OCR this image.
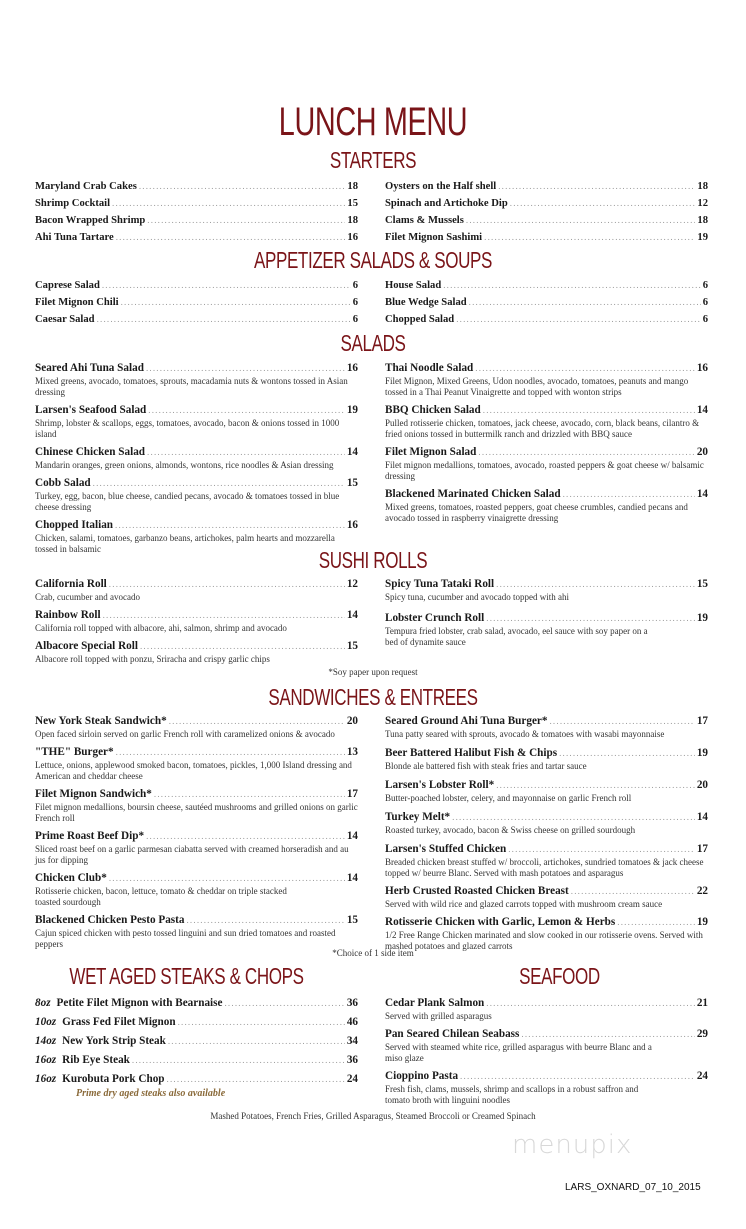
LUNCH MENU
STARTERS
Maryland Crab Cakes .....	18
Shrimp Cocktail .....	15
Bacon Wrapped Shrimp .....	18
Ahi Tuna Tartare .....	16
Oysters on the Half shell .....	18
Spinach and Artichoke Dip .....	12
Clams & Mussels .....	18
Filet Mignon Sashimi .....	19
APPETIZER SALADS & SOUPS
Caprese Salad .....	6
Filet Mignon Chili .....	6
Caesar Salad .....	6
House Salad .....	6
Blue Wedge Salad .....	6
Chopped Salad .....	6
SALADS
Seared Ahi Tuna Salad .....	16
Mixed greens, avocado, tomatoes, sprouts, macadamia nuts & wontons tossed in Asian dressing
Larsen's Seafood Salad .....	19
Shrimp, lobster & scallops, eggs, tomatoes, avocado, bacon & onions tossed in 1000 island
Chinese Chicken Salad .....	14
Mandarin oranges, green onions, almonds, wontons, rice noodles & Asian dressing
Cobb Salad .....	15
Turkey, egg, bacon, blue cheese, candied pecans, avocado & tomatoes tossed in blue cheese dressing
Chopped Italian .....	16
Chicken, salami, tomatoes, garbanzo beans, artichokes, palm hearts and mozzarella tossed in balsamic
Thai Noodle Salad .....	16
Filet Mignon, Mixed Greens, Udon noodles, avocado, tomatoes, peanuts and mango tossed in a Thai Peanut Vinaigrette and topped with wonton strips
BBQ Chicken Salad .....	14
Pulled rotisserie chicken, tomatoes, jack cheese, avocado, corn, black beans, cilantro & fried onions tossed in buttermilk ranch and drizzled with BBQ sauce
Filet Mignon Salad .....	20
Filet mignon medallions, tomatoes, avocado, roasted peppers & goat cheese w/ balsamic dressing
Blackened Marinated Chicken Salad .....	14
Mixed greens, tomatoes, roasted peppers, goat cheese crumbles, candied pecans and avocado tossed in raspberry vinaigrette dressing
SUSHI ROLLS
California Roll .....	12
Crab, cucumber and avocado
Rainbow Roll .....	14
California roll topped with albacore, ahi, salmon, shrimp and avocado
Albacore Special Roll .....	15
Albacore roll topped with ponzu, Sriracha and crispy garlic chips
Spicy Tuna Tataki Roll .....	15
Spicy tuna, cucumber and avocado topped with ahi
Lobster Crunch Roll .....	19
Tempura fried lobster, crab salad, avocado, eel sauce with soy paper on a bed of dynamite sauce
*Soy paper upon request
SANDWICHES & ENTREES
New York Steak Sandwich* .....	20
Open faced sirloin served on garlic French roll with caramelized onions & avocado
"THE" Burger* .....	13
Lettuce, onions, applewood smoked bacon, tomatoes, pickles, 1,000 Island dressing and American and cheddar cheese
Filet Mignon Sandwich* .....	17
Filet mignon medallions, boursin cheese, sautéed mushrooms and grilled onions on garlic French roll
Prime Roast Beef Dip* .....	14
Sliced roast beef on a garlic parmesan ciabatta served with creamed horseradish and au jus for dipping
Chicken Club* .....	14
Rotisserie chicken, bacon, lettuce, tomato & cheddar on triple stacked toasted sourdough
Blackened Chicken Pesto Pasta .....	15
Cajun spiced chicken with pesto tossed linguini and sun dried tomatoes and roasted peppers
Seared Ground Ahi Tuna Burger* .....	17
Tuna patty seared with sprouts, avocado & tomatoes with wasabi mayonnaise
Beer Battered Halibut Fish & Chips .....	19
Blonde ale battered fish with steak fries and tartar sauce
Larsen's Lobster Roll* .....	20
Butter-poached lobster, celery, and mayonnaise on garlic French roll
Turkey Melt* .....	14
Roasted turkey, avocado, bacon & Swiss cheese on grilled sourdough
Larsen's Stuffed Chicken .....	17
Breaded chicken breast stuffed w/ broccoli, artichokes, sundried tomatoes & jack cheese topped w/ beurre Blanc. Served with mash potatoes and asparagus
Herb Crusted Roasted Chicken Breast .....	22
Served with wild rice and glazed carrots topped with mushroom cream sauce
Rotisserie Chicken with Garlic, Lemon & Herbs .....	19
1/2 Free Range Chicken marinated and slow cooked in our rotisserie ovens. Served with mashed potatoes and glazed carrots
*Choice of 1 side item
WET AGED STEAKS & CHOPS
8oz Petite Filet Mignon with Bearnaise .....	36
10oz Grass Fed Filet Mignon .....	46
14oz New York Strip Steak .....	34
16oz Rib Eye Steak .....	36
16oz Kurobuta Pork Chop .....	24
Prime dry aged steaks also available
SEAFOOD
Cedar Plank Salmon .....	21
Served with grilled asparagus
Pan Seared Chilean Seabass .....	29
Served with steamed white rice, grilled asparagus with beurre Blanc and a miso glaze
Cioppino Pasta .....	24
Fresh fish, clams, mussels, shrimp and scallops in a robust saffron and tomato broth with linguini noodles
Mashed Potatoes, French Fries, Grilled Asparagus, Steamed Broccoli or Creamed Spinach
menupix
LARS_OXNARD_07_10_2015
